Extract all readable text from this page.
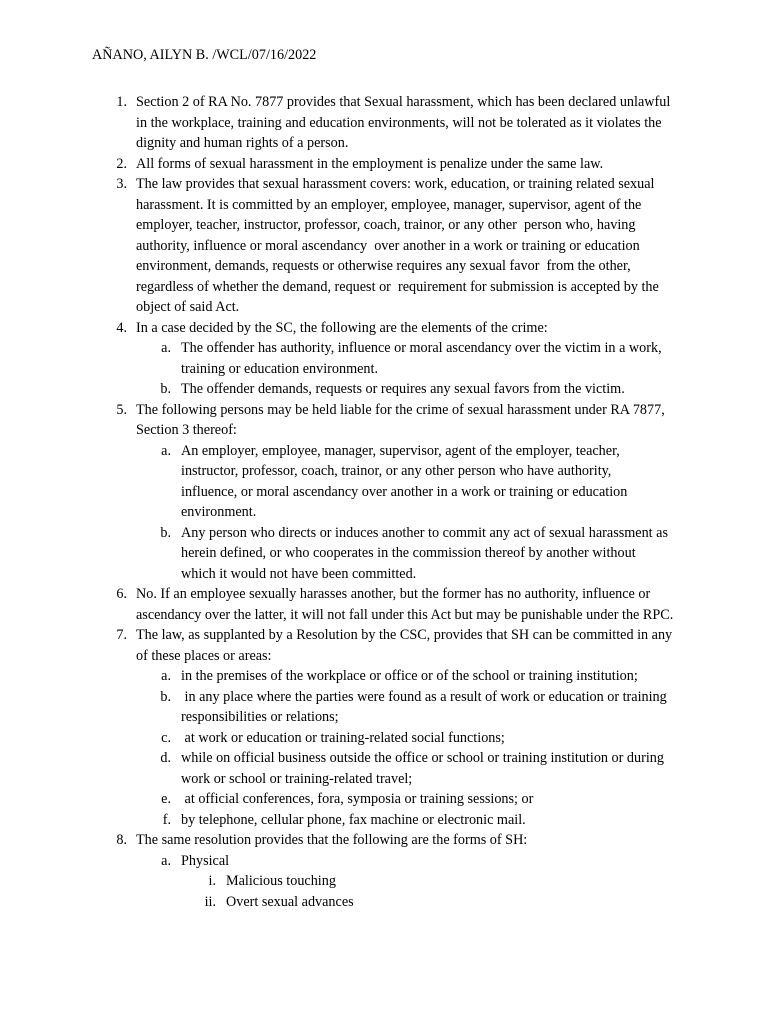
AÑANO, AILYN B. /WCL/07/16/2022
1. Section 2 of RA No. 7877 provides that Sexual harassment, which has been declared unlawful in the workplace, training and education environments, will not be tolerated as it violates the dignity and human rights of a person.
2. All forms of sexual harassment in the employment is penalize under the same law.
3. The law provides that sexual harassment covers: work, education, or training related sexual harassment. It is committed by an employer, employee, manager, supervisor, agent of the employer, teacher, instructor, professor, coach, trainor, or any other  person who, having authority, influence or moral ascendancy  over another in a work or training or education environment, demands, requests or otherwise requires any sexual favor  from the other, regardless of whether the demand, request or  requirement for submission is accepted by the object of said Act.
4. In a case decided by the SC, the following are the elements of the crime:
a. The offender has authority, influence or moral ascendancy over the victim in a work, training or education environment.
b. The offender demands, requests or requires any sexual favors from the victim.
5. The following persons may be held liable for the crime of sexual harassment under RA 7877, Section 3 thereof:
a. An employer, employee, manager, supervisor, agent of the employer, teacher, instructor, professor, coach, trainor, or any other person who have authority, influence, or moral ascendancy over another in a work or training or education environment.
b. Any person who directs or induces another to commit any act of sexual harassment as herein defined, or who cooperates in the commission thereof by another without which it would not have been committed.
6. No. If an employee sexually harasses another, but the former has no authority, influence or ascendancy over the latter, it will not fall under this Act but may be punishable under the RPC.
7. The law, as supplanted by a Resolution by the CSC, provides that SH can be committed in any of these places or areas:
a. in the premises of the workplace or office or of the school or training institution;
b. in any place where the parties were found as a result of work or education or training responsibilities or relations;
c. at work or education or training-related social functions;
d. while on official business outside the office or school or training institution or during work or school or training-related travel;
e. at official conferences, fora, symposia or training sessions; or
f. by telephone, cellular phone, fax machine or electronic mail.
8. The same resolution provides that the following are the forms of SH:
a. Physical
i. Malicious touching
ii. Overt sexual advances
